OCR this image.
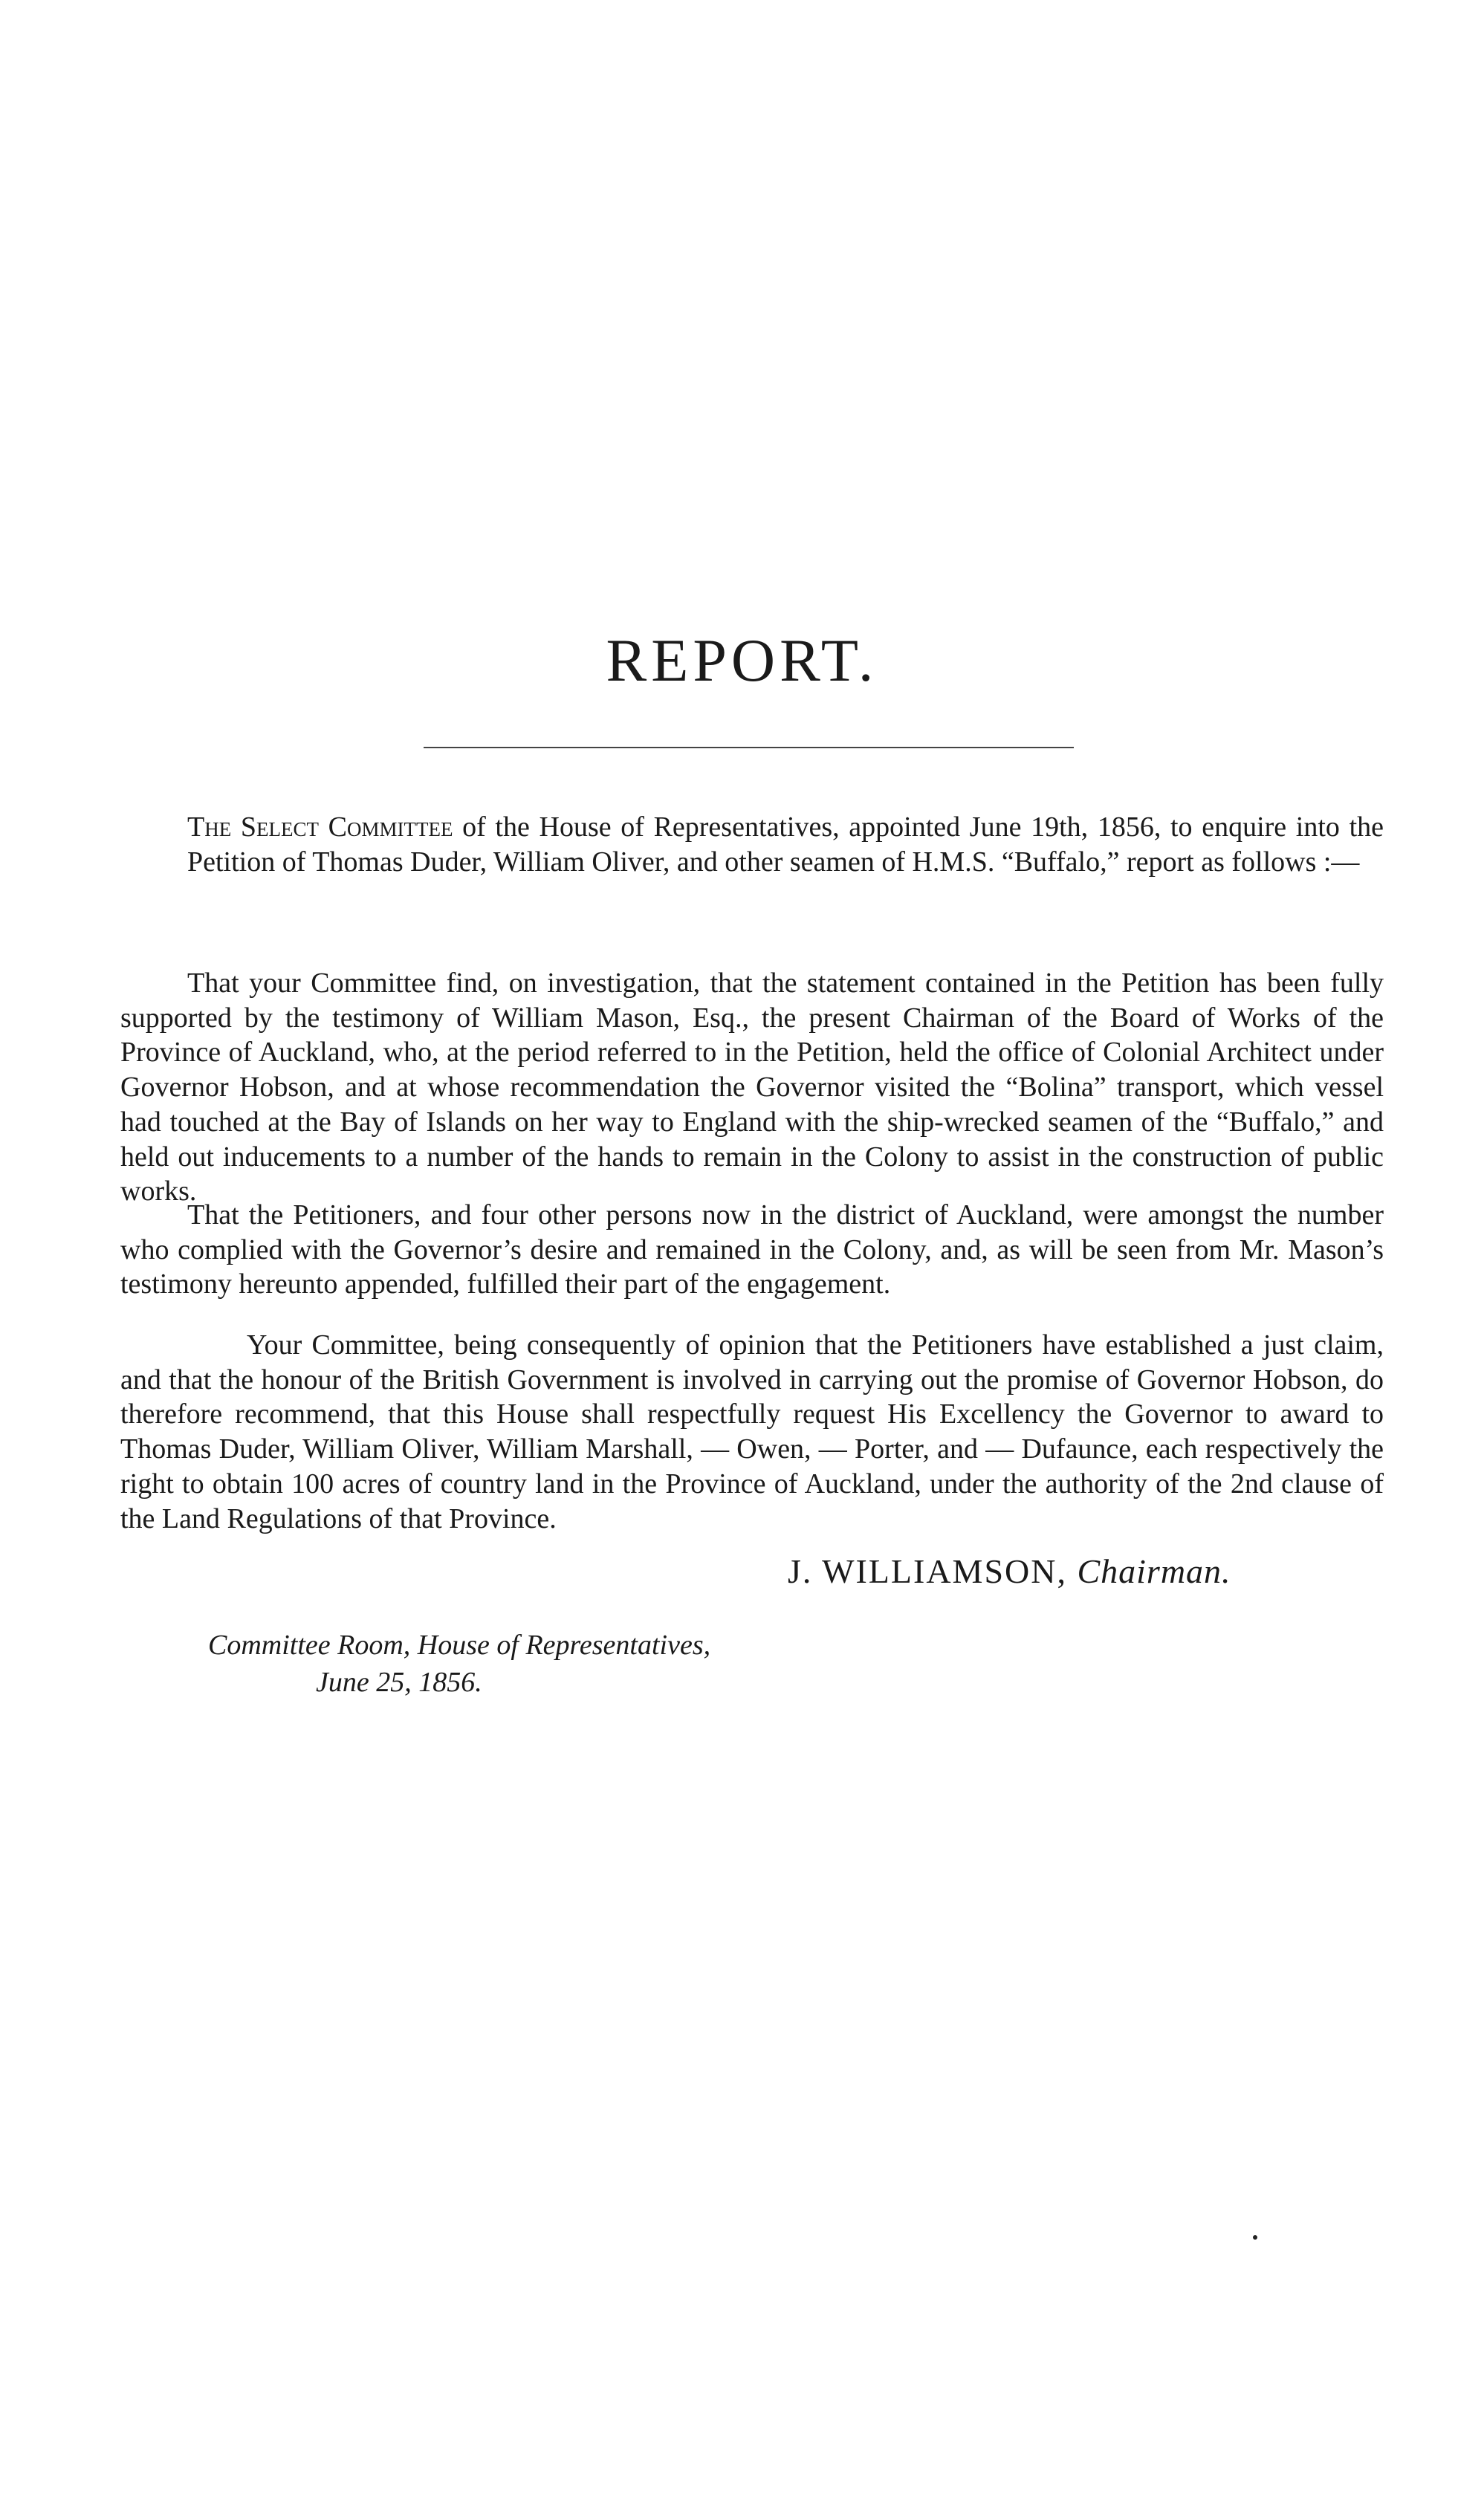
REPORT.

The Select Committee of the House of Representatives, appointed June 19th, 1856, to enquire into the Petition of Thomas Duder, William Oliver, and other seamen of H.M.S. “Buffalo,” report as follows :—

That your Committee find, on investigation, that the statement contained in the Petition has been fully supported by the testimony of William Mason, Esq., the present Chairman of the Board of Works of the Province of Auckland, who, at the period referred to in the Petition, held the office of Colonial Architect under Governor Hobson, and at whose recommendation the Governor visited the “Bolina” transport, which vessel had touched at the Bay of Islands on her way to England with the ship-wrecked seamen of the “Buffalo,” and held out inducements to a number of the hands to remain in the Colony to assist in the construction of public works.

That the Petitioners, and four other persons now in the district of Auckland, were amongst the number who complied with the Governor’s desire and remained in the Colony, and, as will be seen from Mr. Mason’s testimony hereunto appended, fulfilled their part of the engagement.

Your Committee, being consequently of opinion that the Petitioners have established a just claim, and that the honour of the British Government is involved in carrying out the promise of Governor Hobson, do therefore recommend, that this House shall respectfully request His Excellency the Governor to award to Thomas Duder, William Oliver, William Marshall, — Owen, — Porter, and — Dufaunce, each respectively the right to obtain 100 acres of country land in the Province of Auckland, under the authority of the 2nd clause of the Land Regulations of that Province.

J. WILLIAMSON, Chairman.

Committee Room, House of Representatives,

June 25, 1856.
